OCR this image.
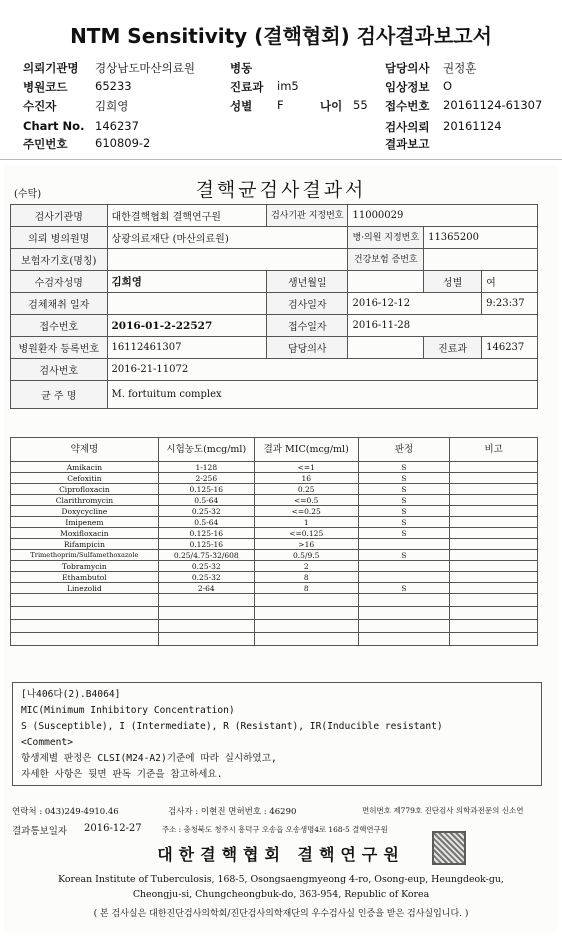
NTM Sensitivity (결핵협회) 검사결과보고서
의뢰기관명 경상남도마산의료원	병동	담당의사 권정훈
병원코드 65233	진료과 im5	임상정보 O
수진자	김희영	성별 F	나이 55 접수번호 20161124-61307
Chart No. 146237	검사의뢰 20161124
주민번호 610809-2	결과보고
(수탁)	결핵균검사결과서
검사기관명	대한결핵협회 결핵연구원	검사기관 지정번호	11000029		
의뢰 병의원명	상광의료재단 (마산의료원)		병·의원 지정번호	11365200	
보험자기호(명칭)			건강보험 증번호		
수검자성명	김희영	생년월일		성별	여
검체채취 일자		검사일자	2016-12-12		9:23:37
접수번호	2016-01-2-22527	접수일자	2016-11-28		
병원환자 등록번호	16112461307	담당의사		진료과	146237
검사번호	2016-21-11072				
균 주 명	M. fortuitum complex				
약제명	시험농도(mcg/ml)	결과 MIC(mcg/ml)	판정	비고
Amikacin	1-128	<=1	S	
Cefoxitin	2-256	16	S	
Ciprofloxacin	0.125-16	0.25	S	
Clarithromycin	0.5-64	<=0.5	S	
Doxycycline	0.25-32	<=0.25	S	
Imipenem	0.5-64	1	S	
Moxifloxacin	0.125-16	<=0.125	S	
Rifampicin	0.125-16	>16		
Trimethoprim/Sulfamethoxazole	0.25/4.75-32/608	0.5/9.5	S	
Tobramycin	0.25-32	2		
Ethambutol	0.25-32	8		
Linezolid	2-64	8	S	

[나406다(2).B4064]
MIC(Minimum Inhibitory Concentration)
S (Susceptible), I (Intermediate), R (Resistant), IR(Inducible resistant)
<Comment>
항생제별 판정은 CLSI(M24-A2)기준에 따라 실시하였고,
자세한 사항은 뒷면 판독 기준을 참고하세요.
연락처 : 043)249-4910.46	검사자 : 이현진 면허번호 : 46290	면허번호 제779호 진단검사 의학과전문의 신소연
결과통보일자 2016-12-27	주소 : 충청북도 청주시 흥덕구 오송읍 오송생명4로 168-5 결핵연구원
대한결핵협회 결핵연구원
Korean Institute of Tuberculosis, 168-5, Osongsaengmyeong 4-ro, Osong-eup, Heungdeok-gu,
Cheongju-si, Chungcheongbuk-do, 363-954, Republic of Korea
( 본 검사실은 대한진단검사의학회/진단검사의학재단의 우수검사실 인증을 받은 검사실입니다. )
